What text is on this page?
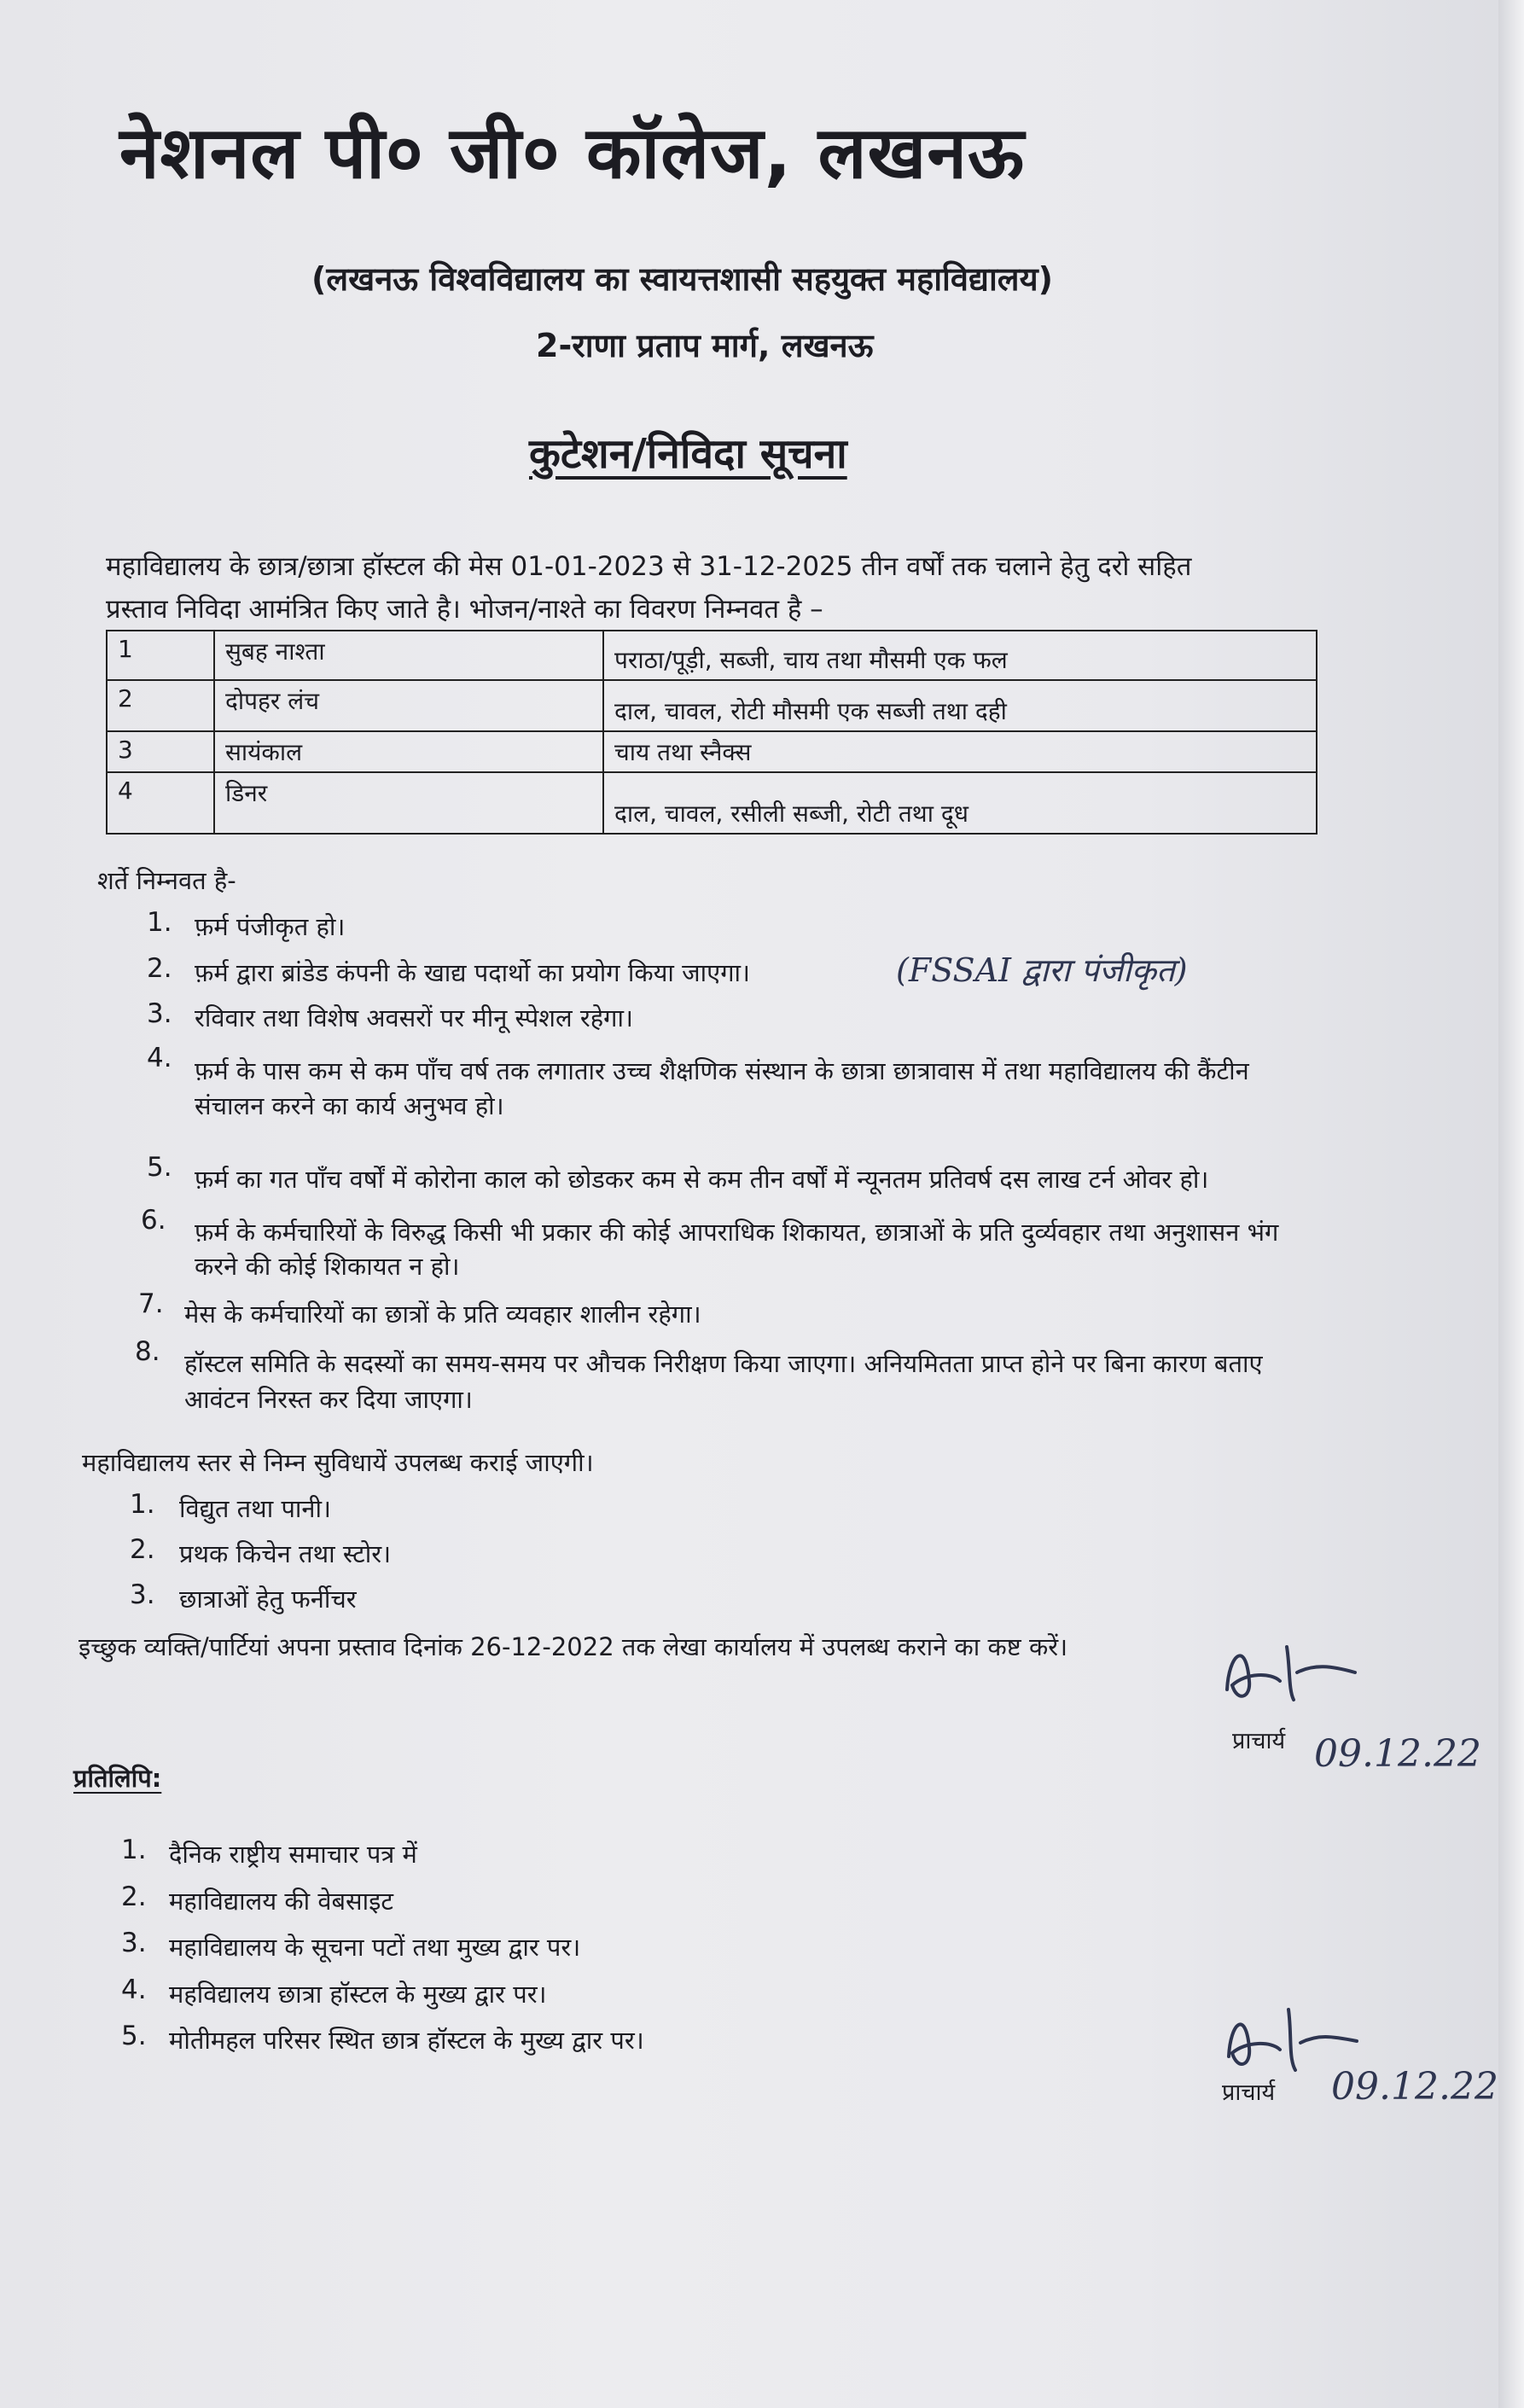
नेशनल पी० जी० कॉलेज, लखनऊ
(लखनऊ विश्वविद्यालय का स्वायत्तशासी सहयुक्त महाविद्यालय)
2-राणा प्रताप मार्ग, लखनऊ
कुटेशन/निविदा सूचना
महाविद्यालय के छात्र/छात्रा हॉस्टल की मेस 01-01-2023 से 31-12-2025 तीन वर्षों तक चलाने हेतु दरो सहित
प्रस्ताव निविदा आमंत्रित किए जाते है। भोजन/नाश्ते का विवरण निम्नवत है –
1	सुबह नाश्ता	पराठा/पूड़ी, सब्जी, चाय तथा मौसमी एक फल
2	दोपहर लंच	दाल, चावल, रोटी मौसमी एक सब्जी तथा दही
3	सायंकाल	चाय तथा स्नैक्स
4	डिनर	दाल, चावल, रसीली सब्जी, रोटी तथा दूध
शर्ते निम्नवत है-
1. फ़र्म पंजीकृत हो।
2. फ़र्म द्वारा ब्रांडेड कंपनी के खाद्य पदार्थो का प्रयोग किया जाएगा।	(FSSAI द्वारा पंजीकृत)
3. रविवार तथा विशेष अवसरों पर मीनू स्पेशल रहेगा।
4. फ़र्म के पास कम से कम पाँच वर्ष तक लगातार उच्च शैक्षणिक संस्थान के छात्रा छात्रावास में तथा महाविद्यालय की कैंटीन
संचालन करने का कार्य अनुभव हो।
5. फ़र्म का गत पाँच वर्षों में कोरोना काल को छोडकर कम से कम तीन वर्षों में न्यूनतम प्रतिवर्ष दस लाख टर्न ओवर हो।
6. फ़र्म के कर्मचारियों के विरुद्ध किसी भी प्रकार की कोई आपराधिक शिकायत, छात्राओं के प्रति दुर्व्यवहार तथा अनुशासन भंग
करने की कोई शिकायत न हो।
7. मेस के कर्मचारियों का छात्रों के प्रति व्यवहार शालीन रहेगा।
8. हॉस्टल समिति के सदस्यों का समय-समय पर औचक निरीक्षण किया जाएगा। अनियमितता प्राप्त होने पर बिना कारण बताए
आवंटन निरस्त कर दिया जाएगा।
महाविद्यालय स्तर से निम्न सुविधायें उपलब्ध कराई जाएगी।
1. विद्युत तथा पानी।
2. प्रथक किचेन तथा स्टोर।
3. छात्राओं हेतु फर्नीचर
इच्छुक व्यक्ति/पार्टियां अपना प्रस्ताव दिनांक 26-12-2022 तक लेखा कार्यालय में उपलब्ध कराने का कष्ट करें।
प्राचार्य 09.12.22
प्रतिलिपि:
1. दैनिक राष्ट्रीय समाचार पत्र में
2. महाविद्यालय की वेबसाइट
3. महाविद्यालय के सूचना पटों तथा मुख्य द्वार पर।
4. महविद्यालय छात्रा हॉस्टल के मुख्य द्वार पर।
5. मोतीमहल परिसर स्थित छात्र हॉस्टल के मुख्य द्वार पर।
प्राचार्य 09.12.22
